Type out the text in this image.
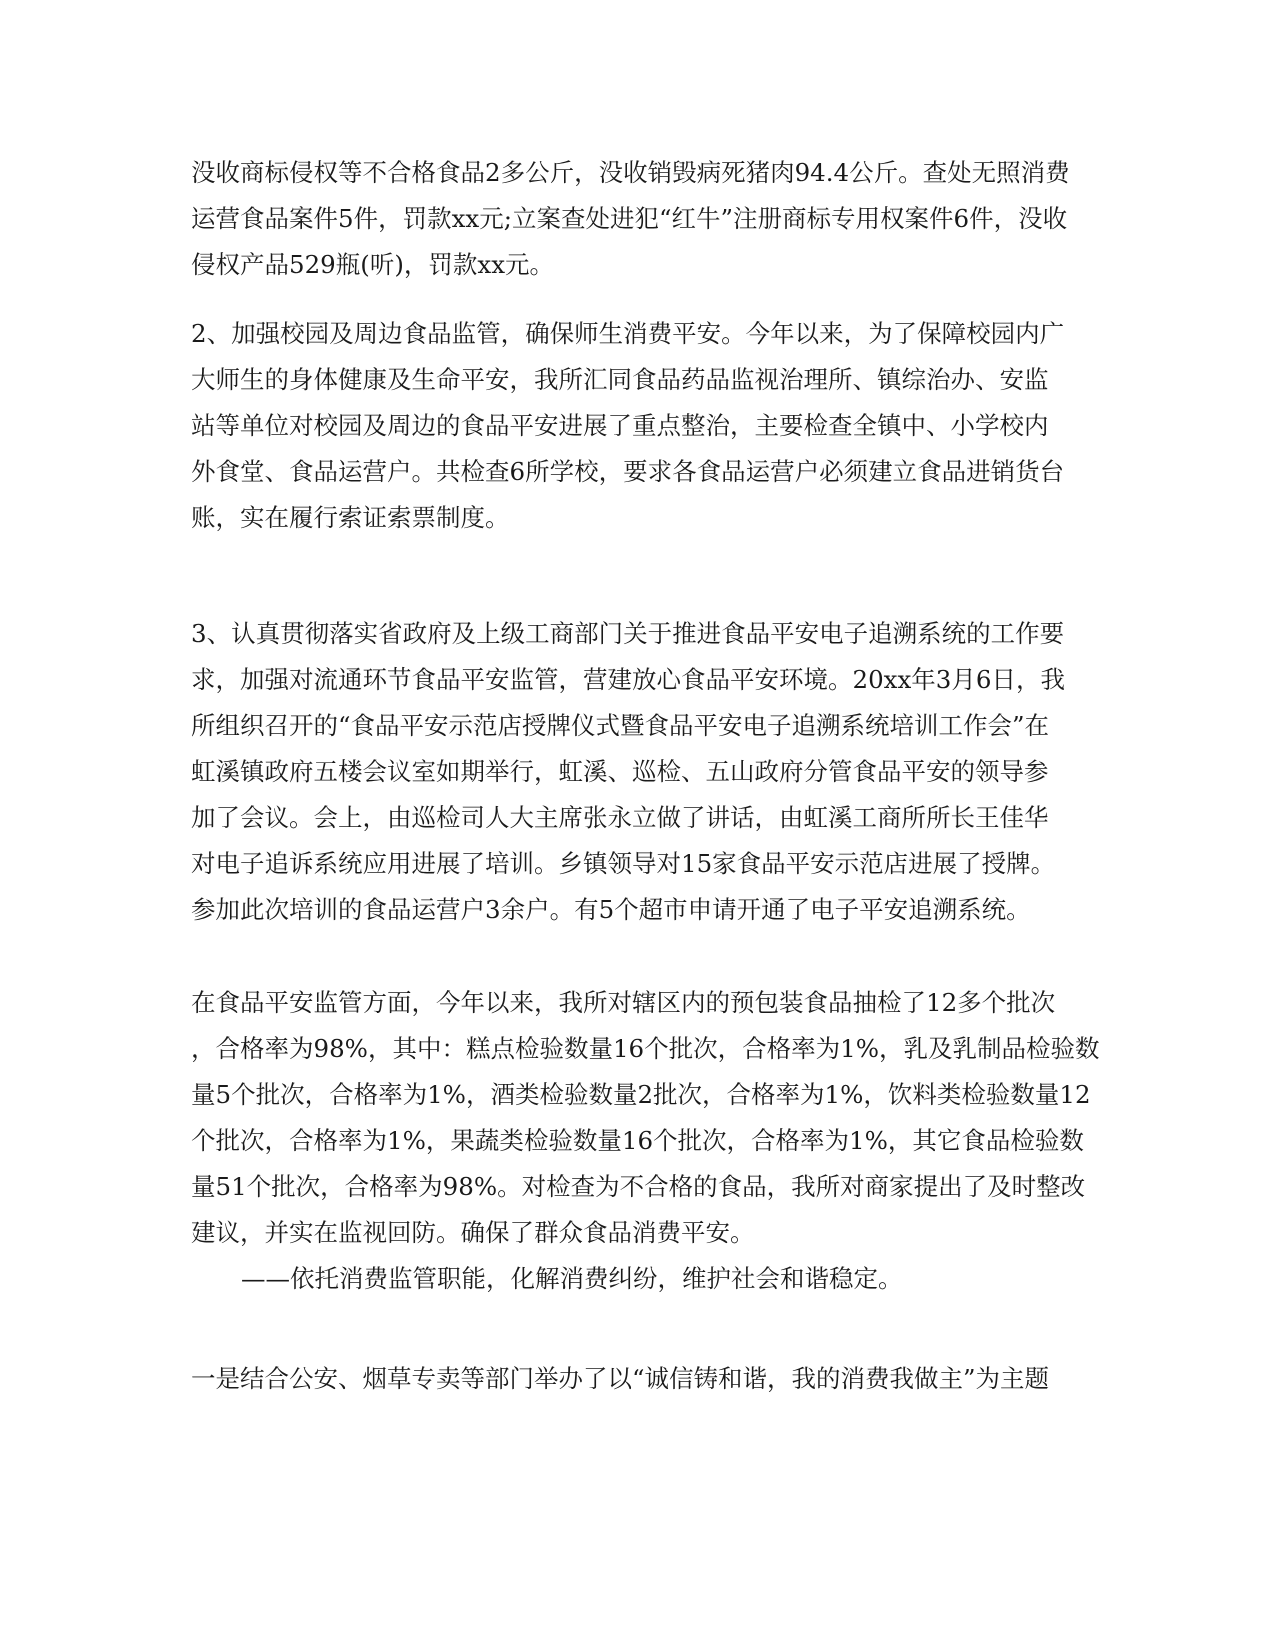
没收商标侵权等不合格食品2多公斤，没收销毁病死猪肉94.4公斤。查处无照消费
运营食品案件5件，罚款xx元;立案查处进犯“红牛”注册商标专用权案件6件，没收
侵权产品529瓶(听)，罚款xx元。
2、加强校园及周边食品监管，确保师生消费平安。今年以来，为了保障校园内广
大师生的身体健康及生命平安，我所汇同食品药品监视治理所、镇综治办、安监
站等单位对校园及周边的食品平安进展了重点整治，主要检查全镇中、小学校内
外食堂、食品运营户。共检查6所学校，要求各食品运营户必须建立食品进销货台
账，实在履行索证索票制度。
3、认真贯彻落实省政府及上级工商部门关于推进食品平安电子追溯系统的工作要
求，加强对流通环节食品平安监管，营建放心食品平安环境。20xx年3月6日，我
所组织召开的“食品平安示范店授牌仪式暨食品平安电子追溯系统培训工作会”在
虹溪镇政府五楼会议室如期举行，虹溪、巡检、五山政府分管食品平安的领导参
加了会议。会上，由巡检司人大主席张永立做了讲话，由虹溪工商所所长王佳华
对电子追诉系统应用进展了培训。乡镇领导对15家食品平安示范店进展了授牌。
参加此次培训的食品运营户3余户。有5个超市申请开通了电子平安追溯系统。
在食品平安监管方面，今年以来，我所对辖区内的预包装食品抽检了12多个批次
，合格率为98%，其中：糕点检验数量16个批次，合格率为1%，乳及乳制品检验数
量5个批次，合格率为1%，酒类检验数量2批次，合格率为1%，饮料类检验数量12
个批次，合格率为1%，果蔬类检验数量16个批次，合格率为1%，其它食品检验数
量51个批次，合格率为98%。对检查为不合格的食品，我所对商家提出了及时整改
建议，并实在监视回防。确保了群众食品消费平安。
——依托消费监管职能，化解消费纠纷，维护社会和谐稳定。
一是结合公安、烟草专卖等部门举办了以“诚信铸和谐，我的消费我做主”为主题
